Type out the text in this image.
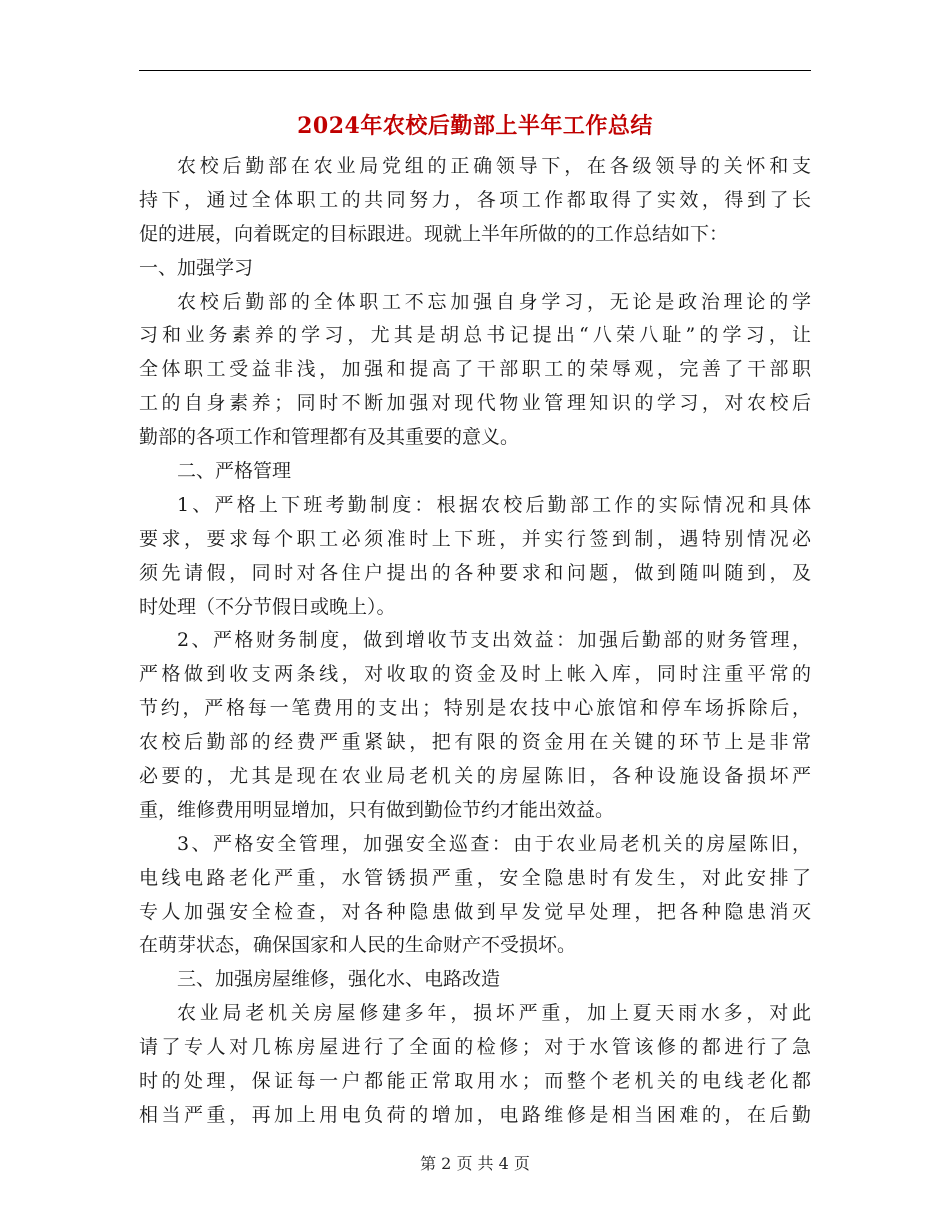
2024年农校后勤部上半年工作总结
农校后勤部在农业局党组的正确领导下，在各级领导的关怀和支
持下，通过全体职工的共同努力，各项工作都取得了实效，得到了长
促的进展，向着既定的目标跟进。现就上半年所做的的工作总结如下：
一、加强学习
农校后勤部的全体职工不忘加强自身学习，无论是政治理论的学
习和业务素养的学习，尤其是胡总书记提出“八荣八耻”的学习，让
全体职工受益非浅，加强和提高了干部职工的荣辱观，完善了干部职
工的自身素养；同时不断加强对现代物业管理知识的学习，对农校后
勤部的各项工作和管理都有及其重要的意义。
二、严格管理
1、严格上下班考勤制度：根据农校后勤部工作的实际情况和具体
要求，要求每个职工必须准时上下班，并实行签到制，遇特别情况必
须先请假，同时对各住户提出的各种要求和问题，做到随叫随到，及
时处理（不分节假日或晚上）。
2、严格财务制度，做到增收节支出效益：加强后勤部的财务管理，
严格做到收支两条线，对收取的资金及时上帐入库，同时注重平常的
节约，严格每一笔费用的支出；特别是农技中心旅馆和停车场拆除后，
农校后勤部的经费严重紧缺，把有限的资金用在关键的环节上是非常
必要的，尤其是现在农业局老机关的房屋陈旧，各种设施设备损坏严
重，维修费用明显增加，只有做到勤俭节约才能出效益。
3、严格安全管理，加强安全巡查：由于农业局老机关的房屋陈旧，
电线电路老化严重，水管锈损严重，安全隐患时有发生，对此安排了
专人加强安全检查，对各种隐患做到早发觉早处理，把各种隐患消灭
在萌芽状态，确保国家和人民的生命财产不受损坏。
三、加强房屋维修，强化水、电路改造
农业局老机关房屋修建多年，损坏严重，加上夏天雨水多，对此
请了专人对几栋房屋进行了全面的检修；对于水管该修的都进行了急
时的处理，保证每一户都能正常取用水；而整个老机关的电线老化都
相当严重，再加上用电负荷的增加，电路维修是相当困难的，在后勤
第 2 页 共 4 页
